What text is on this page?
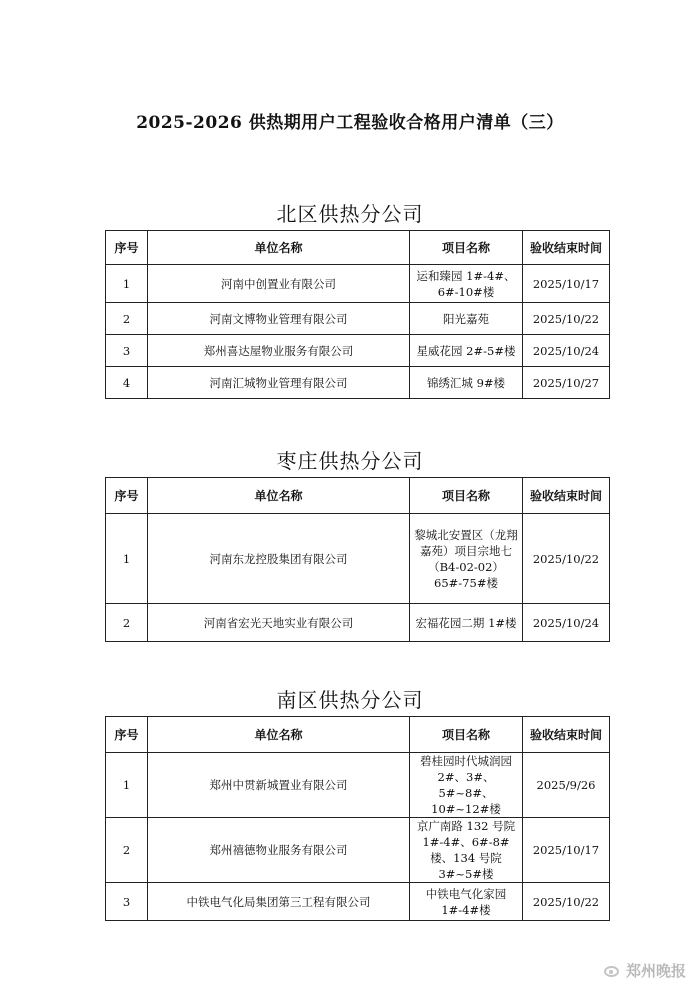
2025-2026 供热期用户工程验收合格用户清单（三）
北区供热分公司
序号	单位名称	项目名称	验收结束时间
1	河南中创置业有限公司	运和臻园 1#-4#、6#-10#楼	2025/10/17
2	河南文博物业管理有限公司	阳光嘉苑	2025/10/22
3	郑州喜达屋物业服务有限公司	星威花园 2#-5#楼	2025/10/24
4	河南汇城物业管理有限公司	锦绣汇城 9#楼	2025/10/27
枣庄供热分公司
序号	单位名称	项目名称	验收结束时间
1	河南东龙控股集团有限公司	黎城北安置区（龙翔嘉苑）项目宗地七（B4-02-02）65#-75#楼	2025/10/22
2	河南省宏光天地实业有限公司	宏福花园二期 1#楼	2025/10/24
南区供热分公司
序号	单位名称	项目名称	验收结束时间
1	郑州中贯新城置业有限公司	碧桂园时代城润园 2#、3#、5#~8#、10#~12#楼	2025/9/26
2	郑州禧德物业服务有限公司	京广南路 132 号院 1#-4#、6#-8#楼、134 号院 3#~5#楼	2025/10/17
3	中铁电气化局集团第三工程有限公司	中铁电气化家园 1#-4#楼	2025/10/22
郑州晚报
